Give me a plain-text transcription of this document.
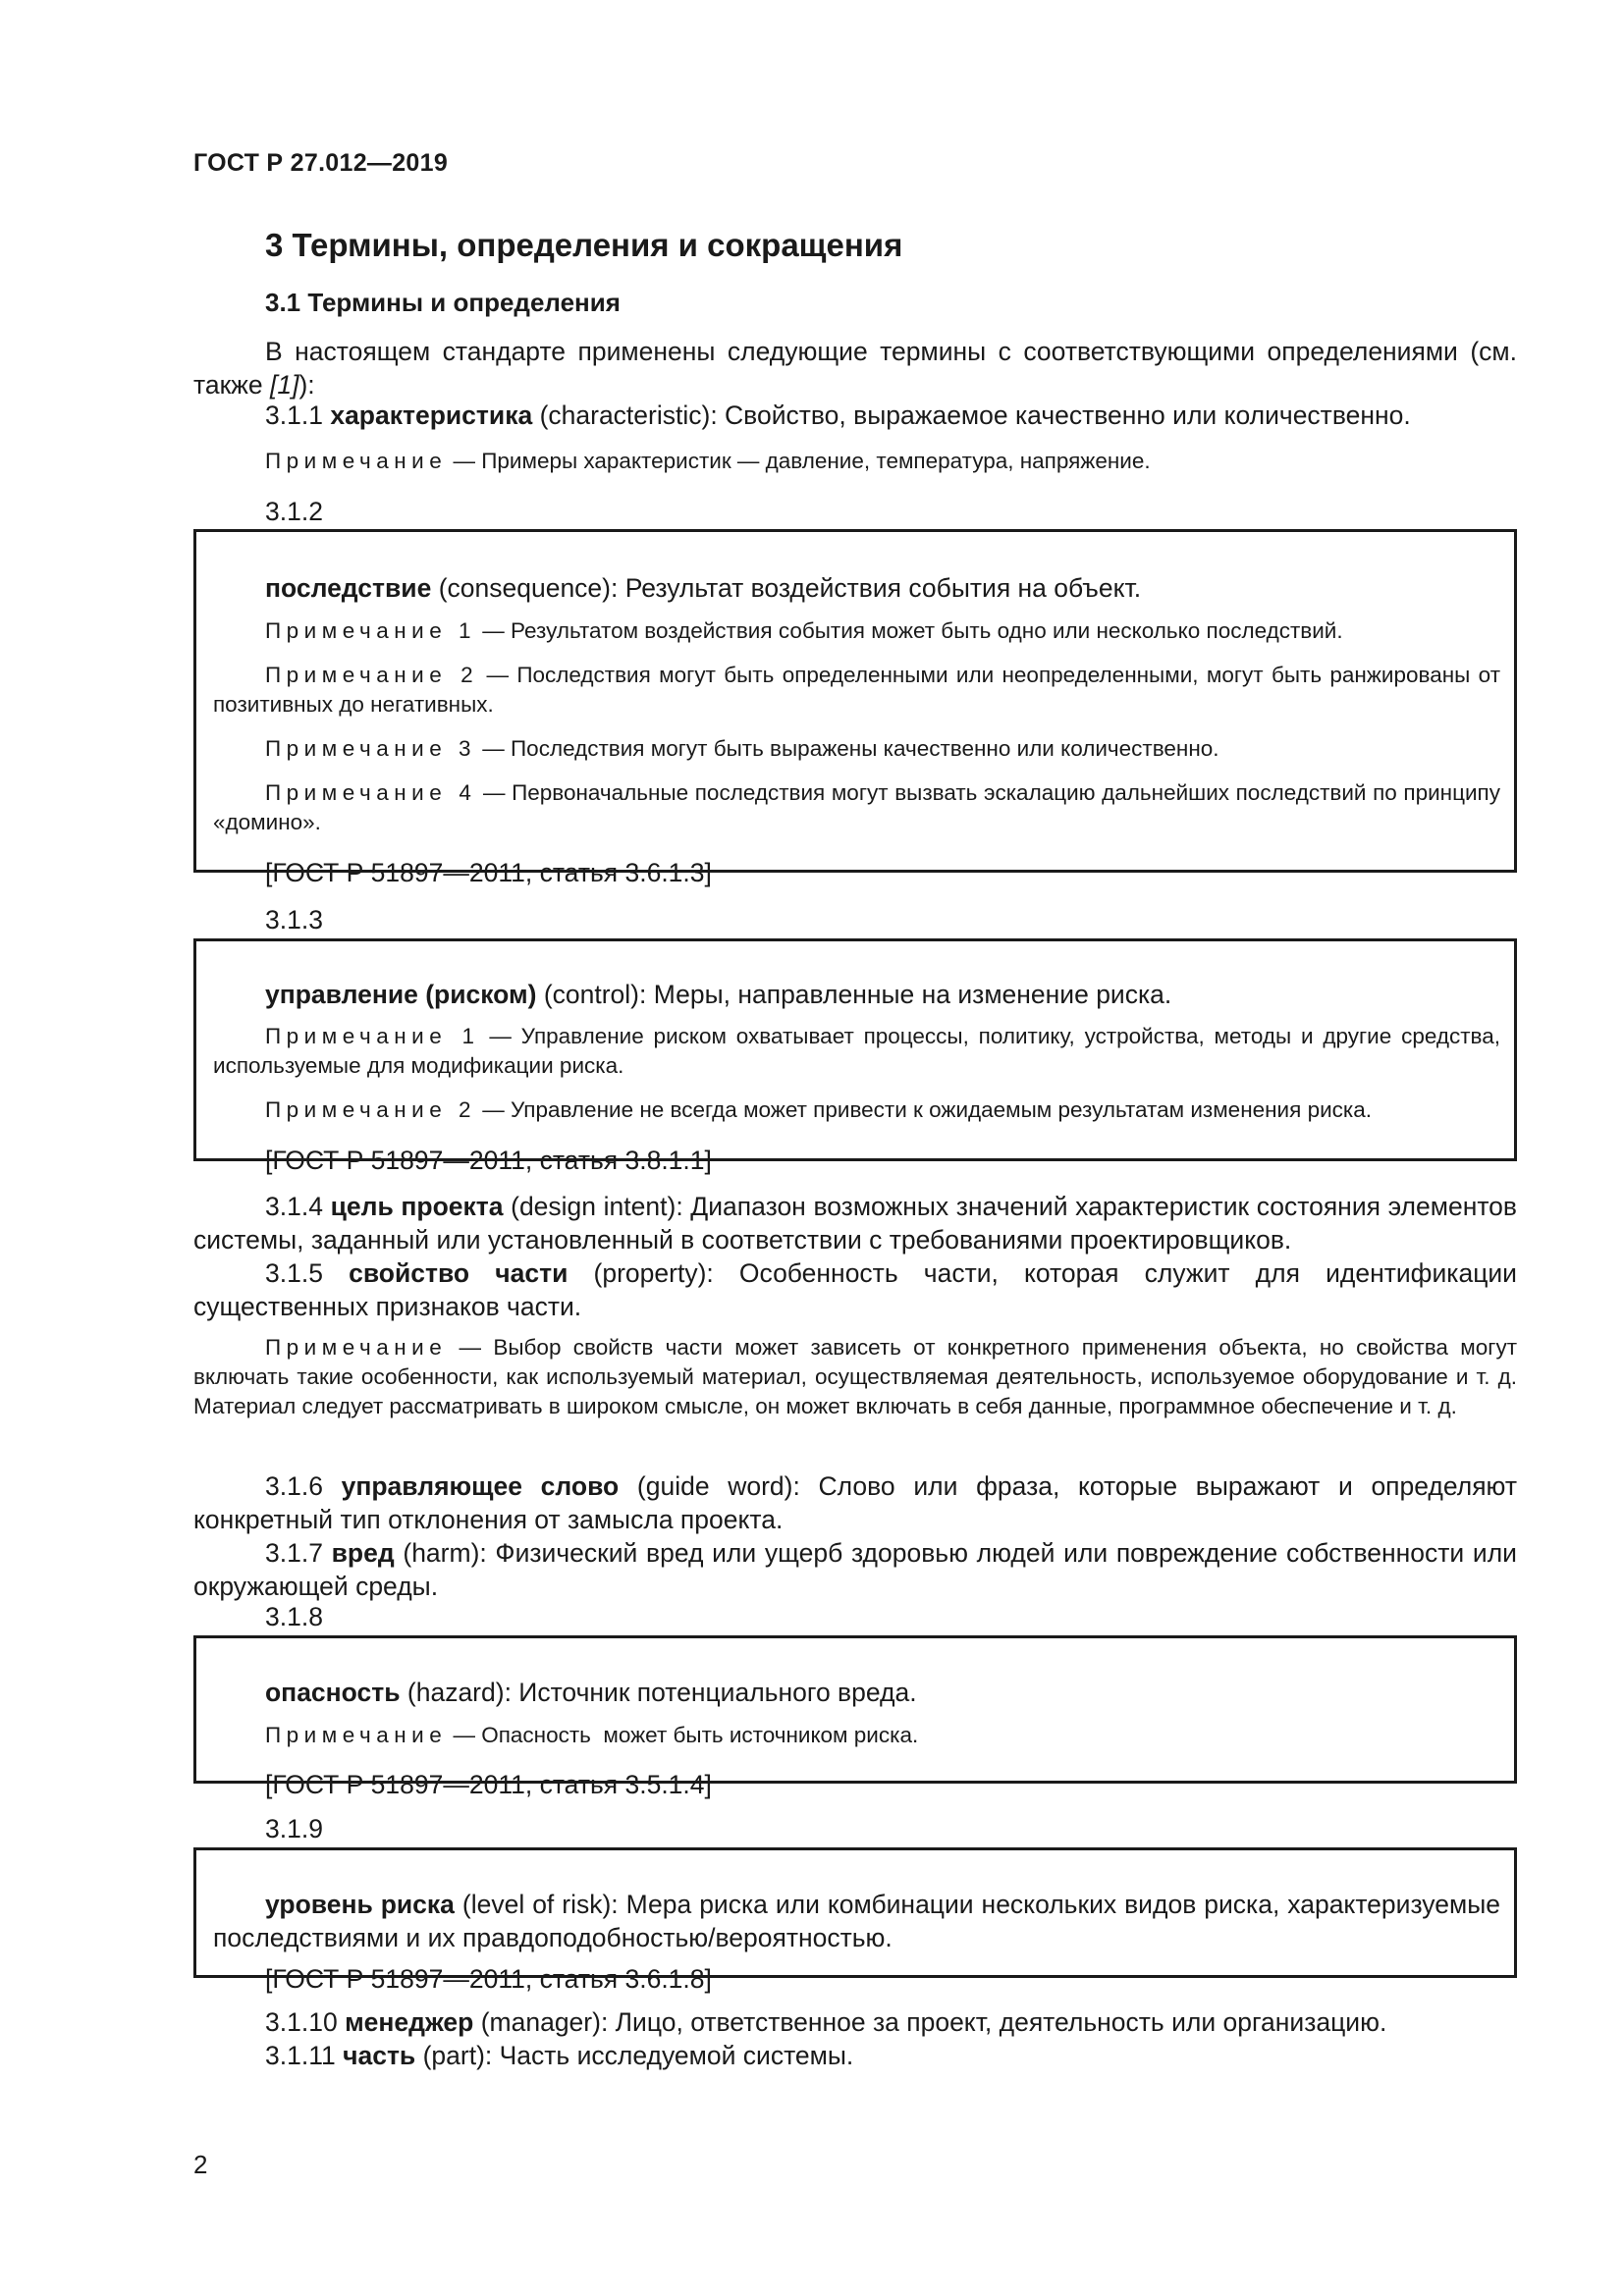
ГОСТ Р 27.012—2019
3 Термины, определения и сокращения
3.1 Термины и определения

В настоящем стандарте применены следующие термины с соответствующими определениями (см. также [1]):

3.1.1 характеристика (characteristic): Свойство, выражаемое качественно или количественно.

Примечание — Примеры характеристик — давление, температура, напряжение.

3.1.2

последствие (consequence): Результат воздействия события на объект.

Примечание 1 — Результатом воздействия события может быть одно или несколько последствий.

Примечание 2 — Последствия могут быть определенными или неопределенными, могут быть ранжированы от позитивных до негативных.

Примечание 3 — Последствия могут быть выражены качественно или количественно.

Примечание 4 — Первоначальные последствия могут вызвать эскалацию дальнейших последствий по принципу «домино».

[ГОСТ Р 51897—2011, статья 3.6.1.3]

3.1.3

управление (риском) (control): Меры, направленные на изменение риска.

Примечание 1 — Управление риском охватывает процессы, политику, устройства, методы и другие средства, используемые для модификации риска.

Примечание 2 — Управление не всегда может привести к ожидаемым результатам изменения риска.

[ГОСТ Р 51897—2011, статья 3.8.1.1]

3.1.4 цель проекта (design intent): Диапазон возможных значений характеристик состояния элементов системы, заданный или установленный в соответствии с требованиями проектировщиков.

3.1.5 свойство части (property): Особенность части, которая служит для идентификации существенных признаков части.

Примечание — Выбор свойств части может зависеть от конкретного применения объекта, но свойства могут включать такие особенности, как используемый материал, осуществляемая деятельность, используемое оборудование и т. д. Материал следует рассматривать в широком смысле, он может включать в себя данные, программное обеспечение и т. д.

3.1.6 управляющее слово (guide word): Слово или фраза, которые выражают и определяют конкретный тип отклонения от замысла проекта.

3.1.7 вред (harm): Физический вред или ущерб здоровью людей или повреждение собственности или окружающей среды.

3.1.8

опасность (hazard): Источник потенциального вреда.

Примечание — Опасность  может быть источником риска.

[ГОСТ Р 51897—2011, статья 3.5.1.4]

3.1.9

уровень риска (level of risk): Мера риска или комбинации нескольких видов риска, характеризуемые последствиями и их правдоподобностью/вероятностью.

[ГОСТ Р 51897—2011, статья 3.6.1.8]

3.1.10 менеджер (manager): Лицо, ответственное за проект, деятельность или организацию.

3.1.11 часть (part): Часть исследуемой системы.

2
